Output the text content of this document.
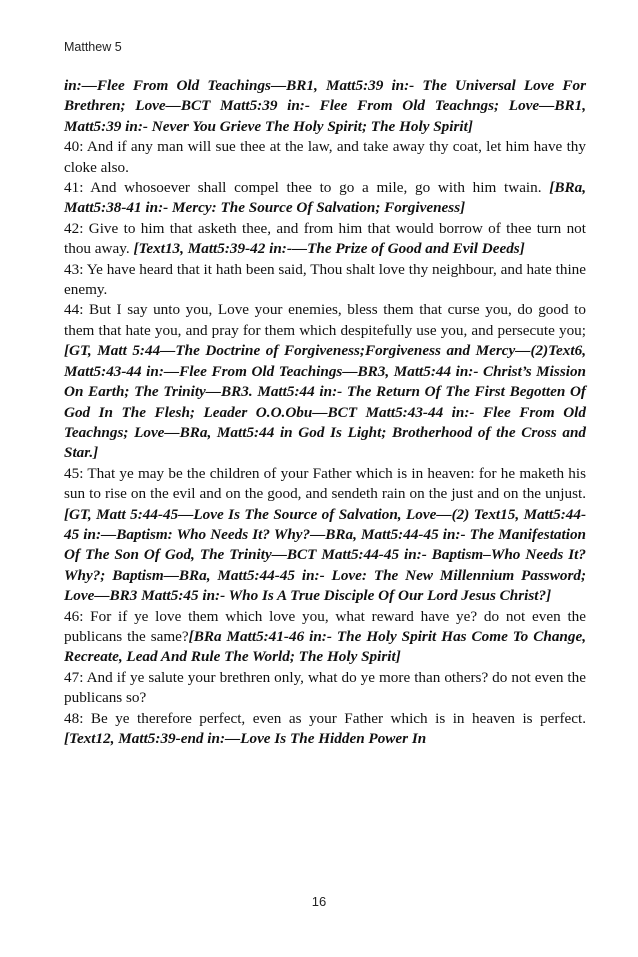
Matthew 5

in:—Flee From Old Teachings—BR1, Matt5:39 in:- The Universal Love For Brethren; Love—BCT Matt5:39 in:- Flee From Old Teachngs; Love—BR1, Matt5:39 in:- Never You Grieve The Holy Spirit; The Holy Spirit]

40: And if any man will sue thee at the law, and take away thy coat, let him have thy cloke also.

41: And whosoever shall compel thee to go a mile, go with him twain. [BRa, Matt5:38-41 in:- Mercy: The Source Of Salvation; Forgiveness]

42: Give to him that asketh thee, and from him that would borrow of thee turn not thou away. [Text13, Matt5:39-42 in:-—The Prize of Good and Evil Deeds]

43: Ye have heard that it hath been said, Thou shalt love thy neighbour, and hate thine enemy.

44: But I say unto you, Love your enemies, bless them that curse you, do good to them that hate you, and pray for them which despitefully use you, and persecute you;[GT, Matt 5:44—The Doctrine of Forgiveness;Forgiveness and Mercy—(2)Text6, Matt5:43-44 in:—Flee From Old Teachings—BR3, Matt5:44 in:- Christ’s Mission On Earth; The Trinity—BR3. Matt5:44 in:- The Return Of The First Begotten Of God In The Flesh; Leader O.O.Obu—BCT Matt5:43-44 in:- Flee From Old Teachngs; Love—BRa, Matt5:44 in God Is Light; Brotherhood of the Cross and Star.]

45: That ye may be the children of your Father which is in heaven: for he maketh his sun to rise on the evil and on the good, and sendeth rain on the just and on the unjust. [GT, Matt 5:44-45—Love Is The Source of Salvation, Love—(2) Text15, Matt5:44-45 in:—Baptism: Who Needs It? Why?—BRa, Matt5:44-45 in:- The Manifestation Of The Son Of God, The Trinity—BCT Matt5:44-45 in:- Baptism–Who Needs It? Why?; Baptism—BRa, Matt5:44-45 in:- Love: The New Millennium Password; Love—BR3 Matt5:45 in:- Who Is A True Disciple Of Our Lord Jesus Christ?]

46: For if ye love them which love you, what reward have ye? do not even the publicans the same?[BRa Matt5:41-46 in:- The Holy Spirit Has Come To Change, Recreate, Lead And Rule The World; The Holy Spirit]

47: And if ye salute your brethren only, what do ye more than others? do not even the publicans so?

48: Be ye therefore perfect, even as your Father which is in heaven is perfect. [Text12, Matt5:39-end in:—Love Is The Hidden Power In

16
